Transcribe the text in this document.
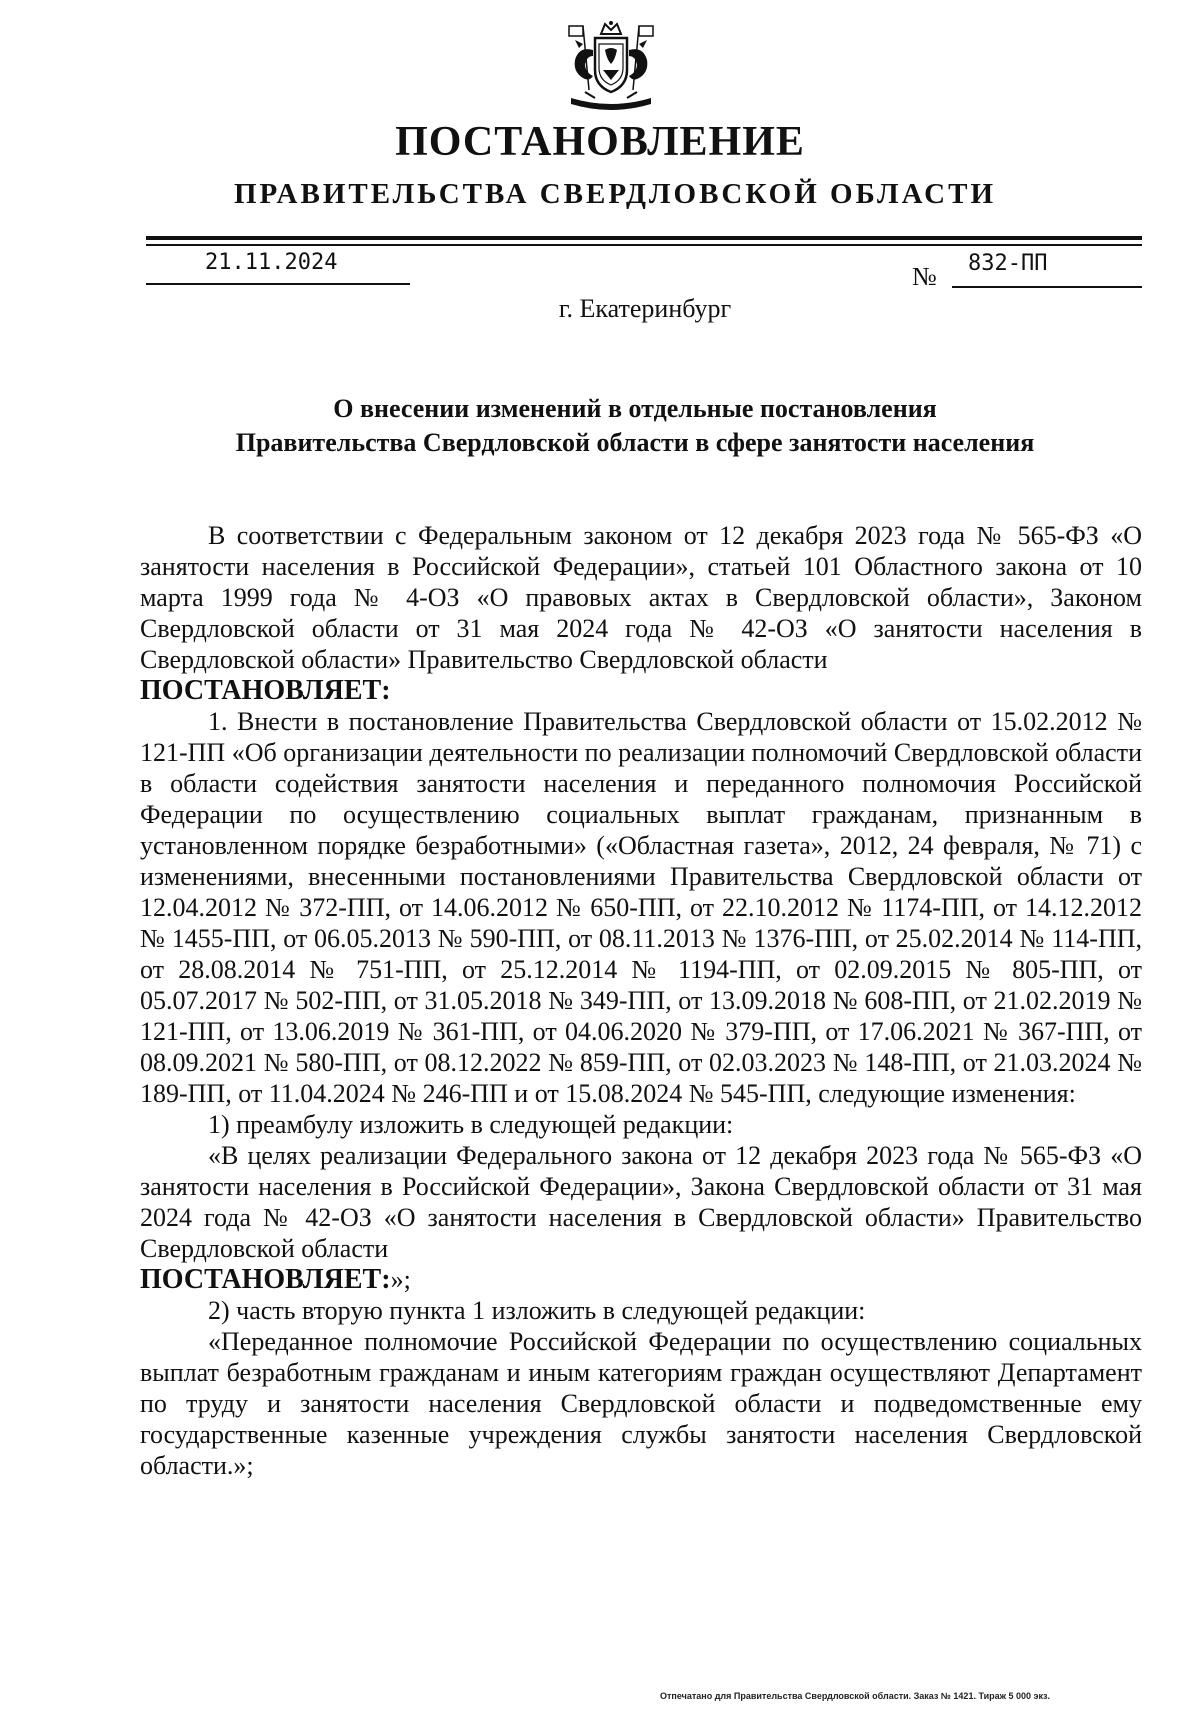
ПОСТАНОВЛЕНИЕ
ПРАВИТЕЛЬСТВА СВЕРДЛОВСКОЙ ОБЛАСТИ
21.11.2024	№ 832-ПП
г. Екатеринбург
О внесении изменений в отдельные постановления
Правительства Свердловской области в сфере занятости населения

В соответствии с Федеральным законом от 12 декабря 2023 года № 565-ФЗ «О занятости населения в Российской Федерации», статьей 101 Областного закона от 10 марта 1999 года № 4-ОЗ «О правовых актах в Свердловской области», Законом Свердловской области от 31 мая 2024 года № 42-ОЗ «О занятости населения в Свердловской области» Правительство Свердловской области

ПОСТАНОВЛЯЕТ:

1. Внести в постановление Правительства Свердловской области от 15.02.2012 № 121-ПП «Об организации деятельности по реализации полномочий Свердловской области в области содействия занятости населения и переданного полномочия Российской Федерации по осуществлению социальных выплат гражданам, признанным в установленном порядке безработными» («Областная газета», 2012, 24 февраля, № 71) с изменениями, внесенными постановлениями Правительства Свердловской области от 12.04.2012 № 372-ПП, от 14.06.2012 № 650-ПП, от 22.10.2012 № 1174-ПП, от 14.12.2012 № 1455-ПП, от 06.05.2013 № 590-ПП, от 08.11.2013 № 1376-ПП, от 25.02.2014 № 114-ПП, от 28.08.2014 № 751-ПП, от 25.12.2014 № 1194-ПП, от 02.09.2015 № 805-ПП, от 05.07.2017 № 502-ПП, от 31.05.2018 № 349-ПП, от 13.09.2018 № 608-ПП, от 21.02.2019 № 121-ПП, от 13.06.2019 № 361-ПП, от 04.06.2020 № 379-ПП, от 17.06.2021 № 367-ПП, от 08.09.2021 № 580-ПП, от 08.12.2022 № 859-ПП, от 02.03.2023 № 148-ПП, от 21.03.2024 № 189-ПП, от 11.04.2024 № 246-ПП и от 15.08.2024 № 545-ПП, следующие изменения:

1) преамбулу изложить в следующей редакции:

«В целях реализации Федерального закона от 12 декабря 2023 года № 565-ФЗ «О занятости населения в Российской Федерации», Закона Свердловской области от 31 мая 2024 года № 42-ОЗ «О занятости населения в Свердловской области» Правительство Свердловской области

ПОСТАНОВЛЯЕТ:»;

2) часть вторую пункта 1 изложить в следующей редакции:

«Переданное полномочие Российской Федерации по осуществлению социальных выплат безработным гражданам и иным категориям граждан осуществляют Департамент по труду и занятости населения Свердловской области и подведомственные ему государственные казенные учреждения службы занятости населения Свердловской области.»;

Отпечатано для Правительства Свердловской области. Заказ № 1421. Тираж 5 000 экз.
